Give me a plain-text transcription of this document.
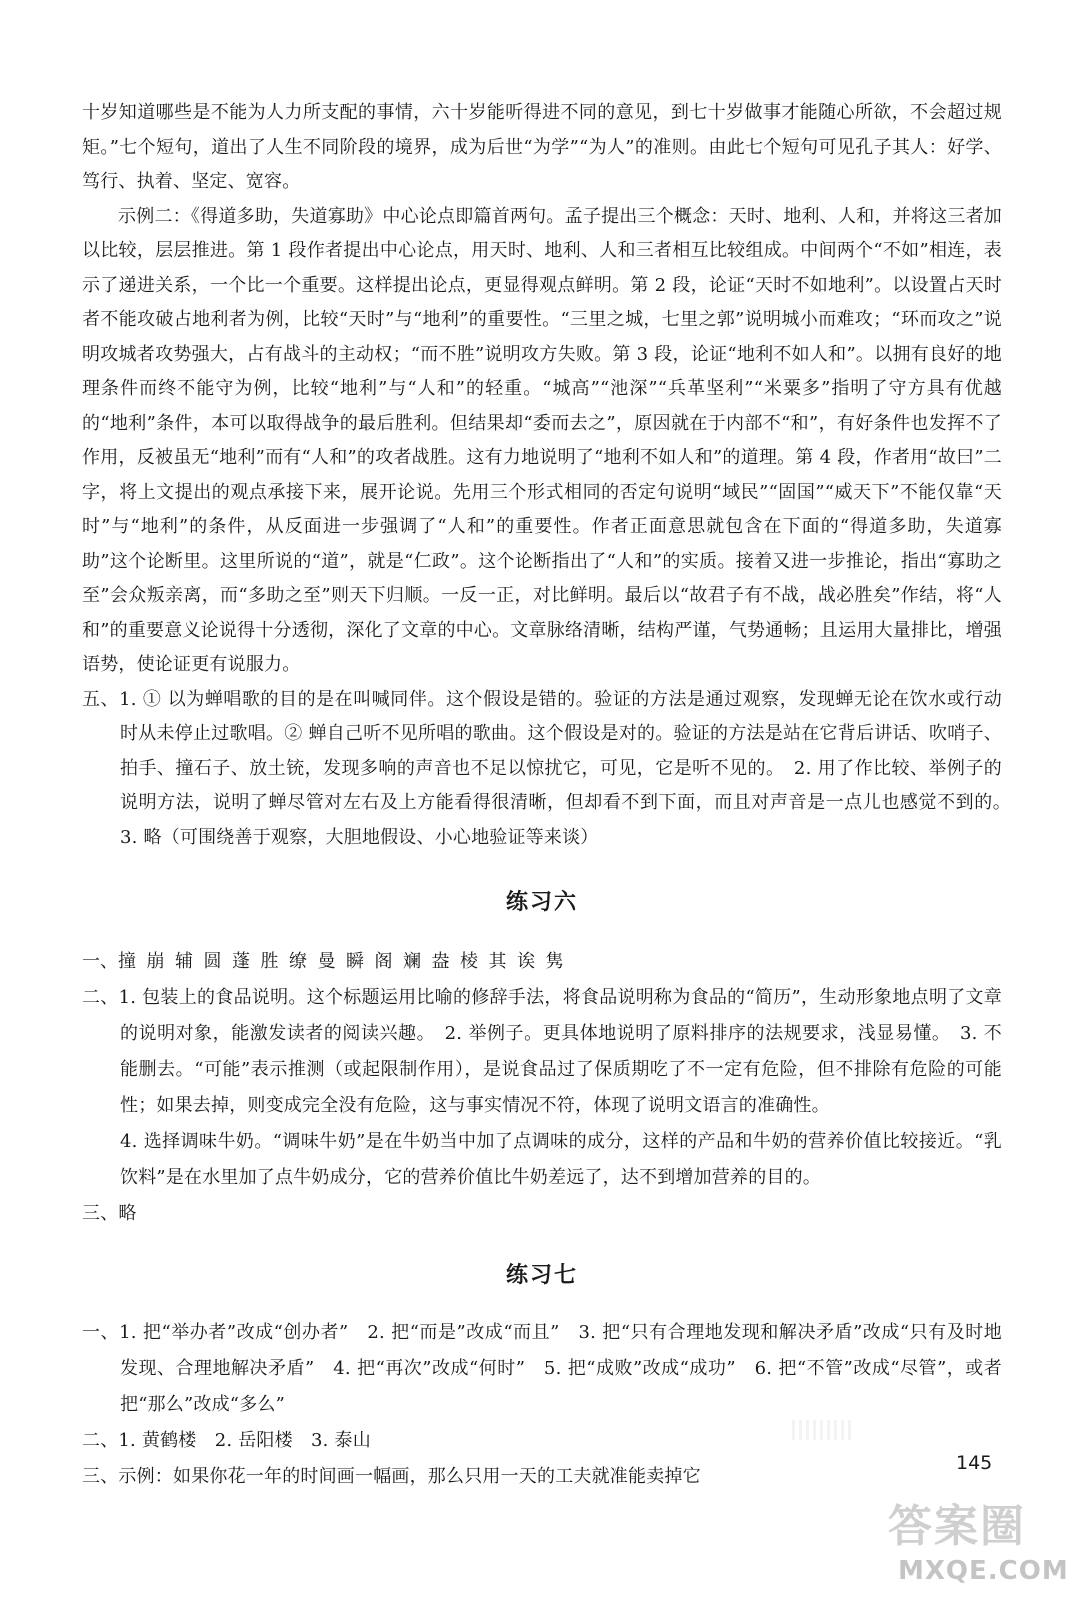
十岁知道哪些是不能为人力所支配的事情，六十岁能听得进不同的意见，到七十岁做事才能随心所欲，不会超过规矩。”七个短句，道出了人生不同阶段的境界，成为后世“为学”“为人”的准则。由此七个短句可见孔子其人：好学、笃行、执着、坚定、宽容。

示例二：《得道多助，失道寡助》中心论点即篇首两句。孟子提出三个概念：天时、地利、人和，并将这三者加以比较，层层推进。第 1 段作者提出中心论点，用天时、地利、人和三者相互比较组成。中间两个“不如”相连，表示了递进关系，一个比一个重要。这样提出论点，更显得观点鲜明。第 2 段，论证“天时不如地利”。以设置占天时者不能攻破占地利者为例，比较“天时”与“地利”的重要性。“三里之城，七里之郭”说明城小而难攻；“环而攻之”说明攻城者攻势强大，占有战斗的主动权；“而不胜”说明攻方失败。第 3 段，论证“地利不如人和”。以拥有良好的地理条件而终不能守为例，比较“地利”与“人和”的轻重。“城高”“池深”“兵革坚利”“米粟多”指明了守方具有优越的“地利”条件，本可以取得战争的最后胜利。但结果却“委而去之”，原因就在于内部不“和”，有好条件也发挥不了作用，反被虽无“地利”而有“人和”的攻者战胜。这有力地说明了“地利不如人和”的道理。第 4 段，作者用“故曰”二字，将上文提出的观点承接下来，展开论说。先用三个形式相同的否定句说明“域民”“固国”“威天下”不能仅靠“天时”与“地利”的条件，从反面进一步强调了“人和”的重要性。作者正面意思就包含在下面的“得道多助，失道寡助”这个论断里。这里所说的“道”，就是“仁政”。这个论断指出了“人和”的实质。接着又进一步推论，指出“寡助之至”会众叛亲离，而“多助之至”则天下归顺。一反一正，对比鲜明。最后以“故君子有不战，战必胜矣”作结，将“人和”的重要意义论说得十分透彻，深化了文章的中心。文章脉络清晰，结构严谨，气势通畅；且运用大量排比，增强语势，使论证更有说服力。

五、1. ① 以为蝉唱歌的目的是在叫喊同伴。这个假设是错的。验证的方法是通过观察，发现蝉无论在饮水或行动时从未停止过歌唱。② 蝉自己听不见所唱的歌曲。这个假设是对的。验证的方法是站在它背后讲话、吹哨子、拍手、撞石子、放土铳，发现多响的声音也不足以惊扰它，可见，它是听不见的。　2. 用了作比较、举例子的说明方法，说明了蝉尽管对左右及上方能看得很清晰，但却看不到下面，而且对声音是一点儿也感觉不到的。　3. 略（可围绕善于观察，大胆地假设、小心地验证等来谈）
练习六
一、撞崩辅圆蓬胜缭曼瞬阁斓盎棱其诶隽
二、1. 包装上的食品说明。这个标题运用比喻的修辞手法，将食品说明称为食品的“简历”，生动形象地点明了文章的说明对象，能激发读者的阅读兴趣。　2. 举例子。更具体地说明了原料排序的法规要求，浅显易懂。　3. 不能删去。“可能”表示推测（或起限制作用），是说食品过了保质期吃了不一定有危险，但不排除有危险的可能性；如果去掉，则变成完全没有危险，这与事实情况不符，体现了说明文语言的准确性。

4. 选择调味牛奶。“调味牛奶”是在牛奶当中加了点调味的成分，这样的产品和牛奶的营养价值比较接近。“乳饮料”是在水里加了点牛奶成分，它的营养价值比牛奶差远了，达不到增加营养的目的。

三、略
练习七
一、1. 把“举办者”改成“创办者”　2. 把“而是”改成“而且”　3. 把“只有合理地发现和解决矛盾”改成“只有及时地发现、合理地解决矛盾”　4. 把“再次”改成“何时”　5. 把“成败”改成“成功”　6. 把“不管”改成“尽管”，或者把“那么”改成“多么”
二、1. 黄鹤楼　2. 岳阳楼　3. 泰山
三、示例：如果你花一年的时间画一幅画，那么只用一天的工夫就准能卖掉它
145
答案圈
MXQE.COM
